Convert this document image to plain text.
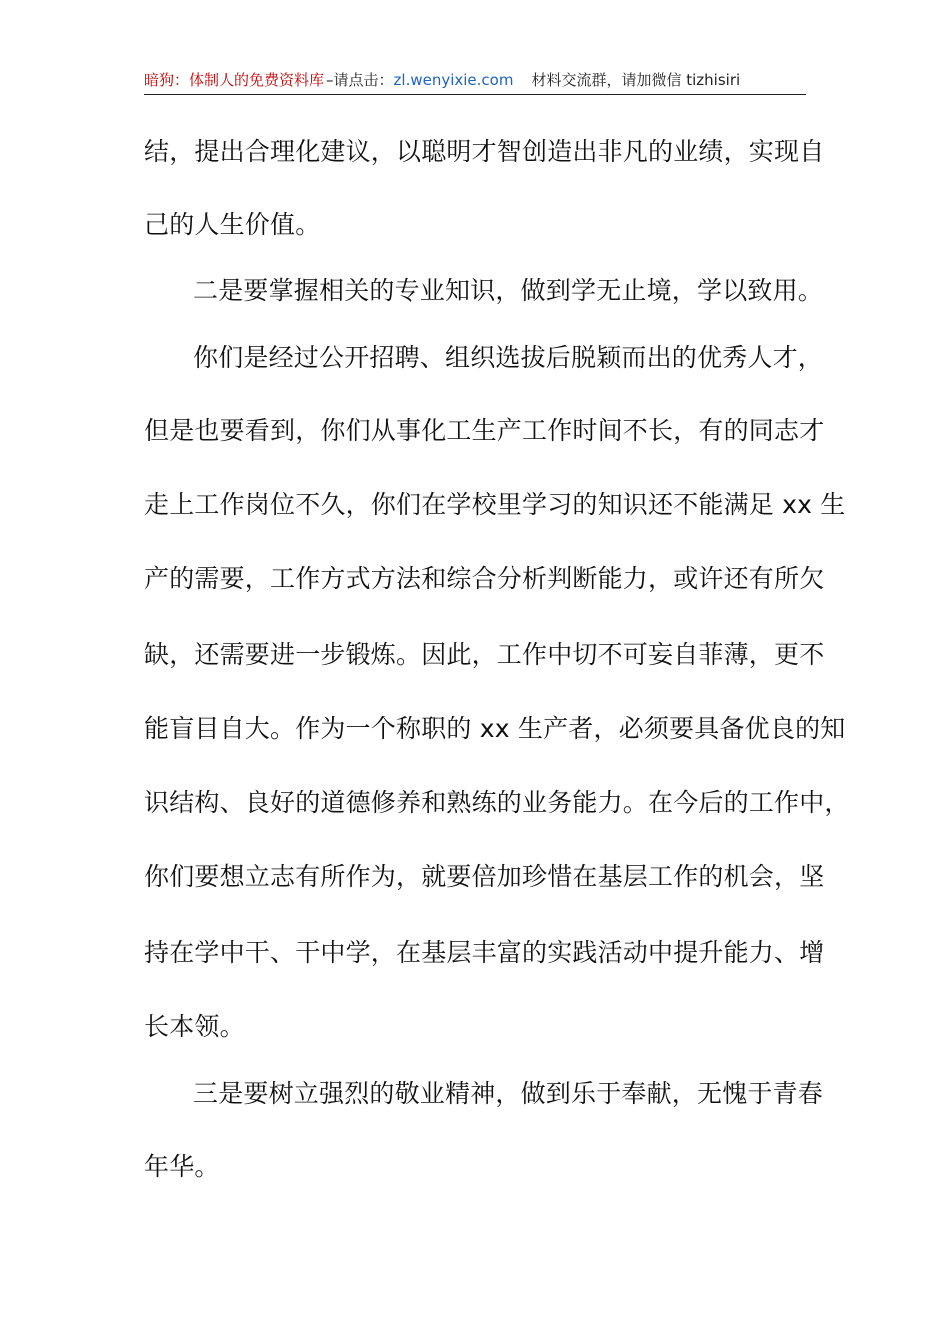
暗狗：体制人的免费资料库 –请点击：zl.wenyixie.com 材料交流群，请加微信 tizhisiri
结，提出合理化建议，以聪明才智创造出非凡的业绩，实现自
己的人生价值。
二是要掌握相关的专业知识，做到学无止境，学以致用。
你们是经过公开招聘、组织选拔后脱颖而出的优秀人才，
但是也要看到，你们从事化工生产工作时间不长，有的同志才
走上工作岗位不久，你们在学校里学习的知识还不能满足 xx 生
产的需要，工作方式方法和综合分析判断能力，或许还有所欠
缺，还需要进一步锻炼。因此，工作中切不可妄自菲薄，更不
能盲目自大。作为一个称职的 xx 生产者，必须要具备优良的知
识结构、良好的道德修养和熟练的业务能力。在今后的工作中，
你们要想立志有所作为，就要倍加珍惜在基层工作的机会，坚
持在学中干、干中学，在基层丰富的实践活动中提升能力、增
长本领。
三是要树立强烈的敬业精神，做到乐于奉献，无愧于青春
年华。
